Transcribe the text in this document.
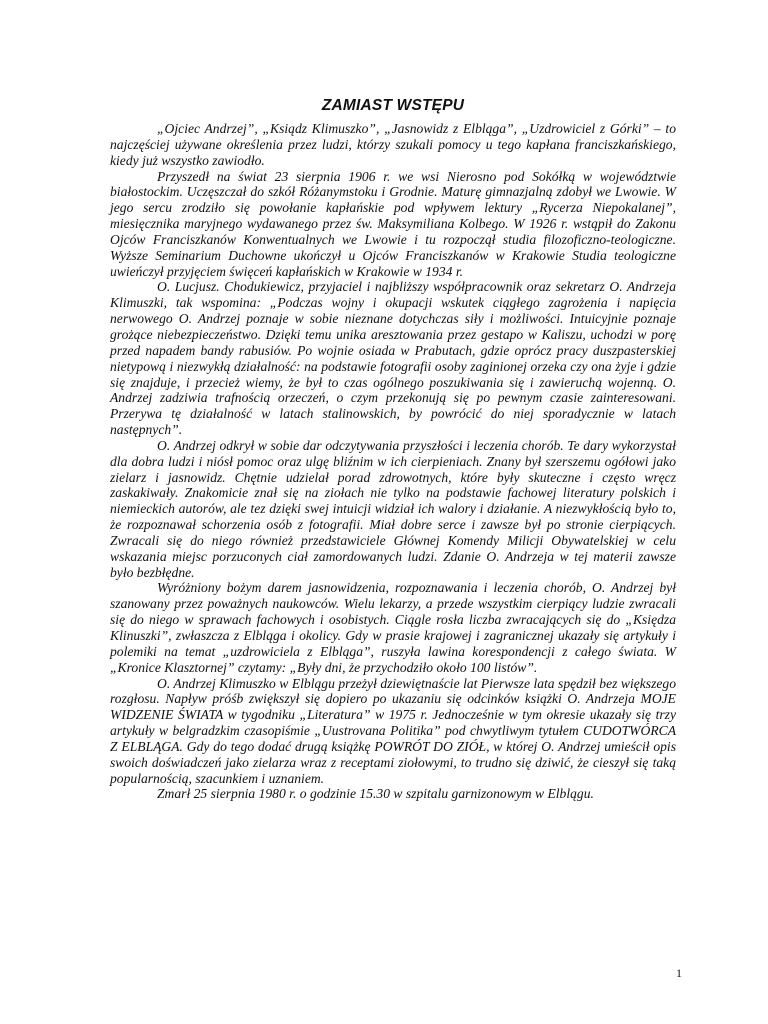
ZAMIAST WSTĘPU

„Ojciec Andrzej”, „Ksiądz Klimuszko”, „Jasnowidz z Elbląga”, „Uzdrowiciel z Górki” – to najczęściej używane określenia przez ludzi, którzy szukali pomocy u tego kapłana franciszkańskiego, kiedy już wszystko zawiodło.

Przyszedł na świat 23 sierpnia 1906 r. we wsi Nierosno pod Sokółką w województwie białostockim. Uczęszczał do szkół Różanymstoku i Grodnie. Maturę gimnazjalną zdobył we Lwowie. W jego sercu zrodziło się powołanie kapłańskie pod wpływem lektury „Rycerza Niepokalanej”, miesięcznika maryjnego wydawanego przez św. Maksymiliana Kolbego. W 1926 r. wstąpił do Zakonu Ojców Franciszkanów Konwentualnych we Lwowie i tu rozpoczął studia filozoficzno-teologiczne. Wyższe Seminarium Duchowne ukończył u Ojców Franciszkanów w Krakowie Studia teologiczne uwieńczył przyjęciem święceń kapłańskich w Krakowie w 1934 r.

O. Lucjusz. Chodukiewicz, przyjaciel i najbliższy współpracownik oraz sekretarz O. Andrzeja Klimuszki, tak wspomina: „Podczas wojny i okupacji wskutek ciągłego zagrożenia i napięcia nerwowego O. Andrzej poznaje w sobie nieznane dotychczas siły i możliwości. Intuicyjnie poznaje grożące niebezpieczeństwo. Dzięki temu unika aresztowania przez gestapo w Kaliszu, uchodzi w porę przed napadem bandy rabusiów. Po wojnie osiada w Prabutach, gdzie oprócz pracy duszpasterskiej nietypową i niezwykłą działalność: na podstawie fotografii osoby zaginionej orzeka czy ona żyje i gdzie się znajduje, i przecież wiemy, że był to czas ogólnego poszukiwania się i zawieruchą wojenną. O. Andrzej zadziwia trafnością orzeczeń, o czym przekonują się po pewnym czasie zainteresowani. Przerywa tę działalność w latach stalinowskich, by powrócić do niej sporadycznie w latach następnych”.

O. Andrzej odkrył w sobie dar odczytywania przyszłości i leczenia chorób. Te dary wykorzystał dla dobra ludzi i niósł pomoc oraz ulgę bliźnim w ich cierpieniach. Znany był szerszemu ogółowi jako zielarz i jasnowidz. Chętnie udzielał porad zdrowotnych, które były skuteczne i często wręcz zaskakiwały. Znakomicie znał się na ziołach nie tylko na podstawie fachowej literatury polskich i niemieckich autorów, ale tez dzięki swej intuicji widział ich walory i działanie. A niezwykłością było to, że rozpoznawał schorzenia osób z fotografii. Miał dobre serce i zawsze był po stronie cierpiących. Zwracali się do niego również przedstawiciele Głównej Komendy Milicji Obywatelskiej w celu wskazania miejsc porzuconych ciał zamordowanych ludzi. Zdanie O. Andrzeja w tej materii zawsze było bezbłędne.

Wyróżniony bożym darem jasnowidzenia, rozpoznawania i leczenia chorób, O. Andrzej był szanowany przez poważnych naukowców. Wielu lekarzy, a przede wszystkim cierpiący ludzie zwracali się do niego w sprawach fachowych i osobistych. Ciągle rosła liczba zwracających się do „Księdza Klinuszki”, zwłaszcza z Elbląga i okolicy. Gdy w prasie krajowej i zagranicznej ukazały się artykuły i polemiki na temat „uzdrowiciela z Elbląga”, ruszyła lawina korespondencji z całego świata. W „Kronice Klasztornej” czytamy: „Były dni, że przychodziło około 100 listów”.

O. Andrzej Klimuszko w Elblągu przeżył dziewiętnaście lat Pierwsze lata spędził bez większego rozgłosu. Napływ próśb zwiększył się dopiero po ukazaniu się odcinków książki O. Andrzeja MOJE WIDZENIE ŚWIATA w tygodniku „Literatura” w 1975 r. Jednocześnie w tym okresie ukazały się trzy artykuły w belgradzkim czasopiśmie „Uustrovana Politika” pod chwytliwym tytułem CUDOTWÓRCA Z ELBLĄGA. Gdy do tego dodać drugą książkę POWRÓT DO ZIÓŁ, w której O. Andrzej umieścił opis swoich doświadczeń jako zielarza wraz z receptami ziołowymi, to trudno się dziwić, że cieszył się taką popularnością, szacunkiem i uznaniem.

Zmarł 25 sierpnia 1980 r. o godzinie 15.30 w szpitalu garnizonowym w Elblągu.

1
